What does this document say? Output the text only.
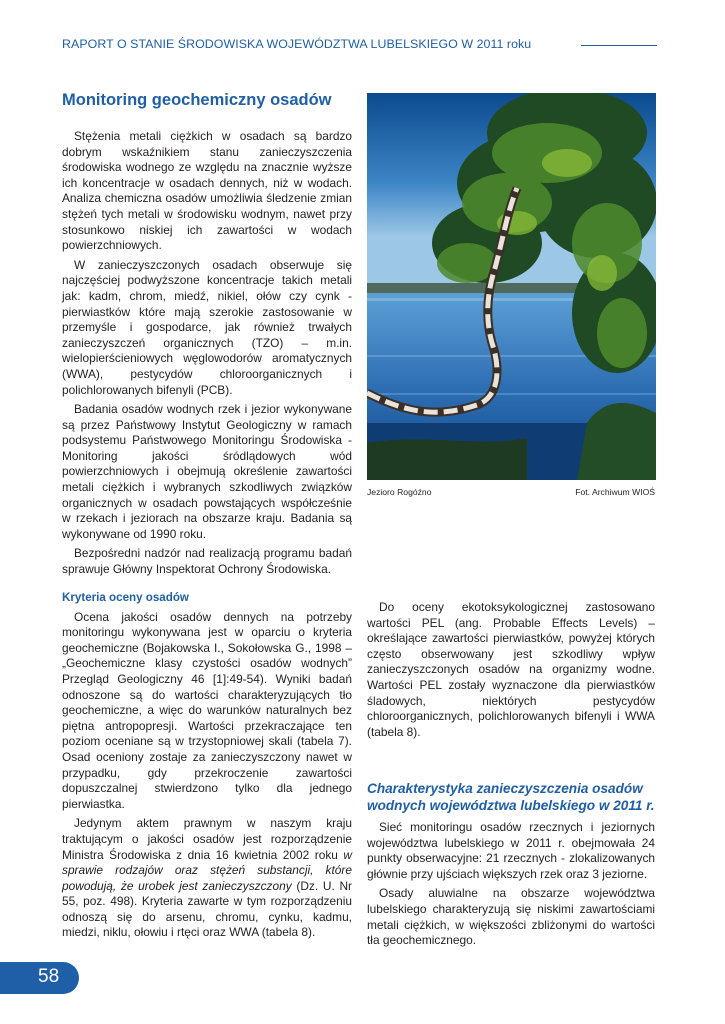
RAPORT O STANIE ŚRODOWISKA WOJEWÓDZTWA LUBELSKIEGO W 2011 roku
Monitoring geochemiczny osadów

Stężenia metali ciężkich w osadach są bardzo dobrym wskaźnikiem stanu zanieczyszczenia środowiska wodnego ze względu na znacznie wyższe ich koncentracje w osadach dennych, niż w wodach. Analiza chemiczna osadów umożliwia śledzenie zmian stężeń tych metali w środowisku wodnym, nawet przy stosunkowo niskiej ich zawartości w wodach powierzchniowych.

W zanieczyszczonych osadach obserwuje się najczęściej podwyższone koncentracje takich metali jak: kadm, chrom, miedź, nikiel, ołów czy cynk - pierwiastków które mają szerokie zastosowanie w przemyśle i gospodarce, jak również trwałych zanieczyszczeń organicznych (TZO) – m.in. wielopierścieniowych węglowodorów aromatycznych (WWA), pestycydów chloroorganicznych i polichlorowanych bifenyli (PCB).

Badania osadów wodnych rzek i jezior wykonywane są przez Państwowy Instytut Geologiczny w ramach podsystemu Państwowego Monitoringu Środowiska - Monitoring jakości śródlądowych wód powierzchniowych i obejmują określenie zawartości metali ciężkich i wybranych szkodliwych związków organicznych w osadach powstających współcześnie w rzekach i jeziorach na obszarze kraju. Badania są wykonywane od 1990 roku.

Bezpośredni nadzór nad realizacją programu badań sprawuje Główny Inspektorat Ochrony Środowiska.

Kryteria oceny osadów

Ocena jakości osadów dennych na potrzeby monitoringu wykonywana jest w oparciu o kryteria geochemiczne (Bojakowska I., Sokołowska G., 1998 – „Geochemiczne klasy czystości osadów wodnych” Przegląd Geologiczny 46 [1]:49-54). Wyniki badań odnoszone są do wartości charakteryzujących tło geochemiczne, a więc do warunków naturalnych bez piętna antropopresji. Wartości przekraczające ten poziom oceniane są w trzystopniowej skali (tabela 7). Osad oceniony zostaje za zanieczyszczony nawet w przypadku, gdy przekroczenie zawartości dopuszczalnej stwierdzono tylko dla jednego pierwiastka.

Jedynym aktem prawnym w naszym kraju traktującym o jakości osadów jest rozporządzenie Ministra Środowiska z dnia 16 kwietnia 2002 roku w sprawie rodzajów oraz stężeń substancji, które powodują, że urobek jest zanieczyszczony (Dz. U. Nr 55, poz. 498). Kryteria zawarte w tym rozporządzeniu odnoszą się do arsenu, chromu, cynku, kadmu, miedzi, niklu, ołowiu i rtęci oraz WWA (tabela 8).

Jezioro Rogóźno	Fot. Archiwum WIOŚ

Do oceny ekotoksykologicznej zastosowano wartości PEL (ang. Probable Effects Levels) – określające zawartości pierwiastków, powyżej których często obserwowany jest szkodliwy wpływ zanieczyszczonych osadów na organizmy wodne. Wartości PEL zostały wyznaczone dla pierwiastków śladowych, niektórych pestycydów chloroorganicznych, polichlorowanych bifenyli i WWA (tabela 8).

Charakterystyka zanieczyszczenia osadów wodnych województwa lubelskiego w 2011 r.

Sieć monitoringu osadów rzecznych i jeziornych województwa lubelskiego w 2011 r. obejmowała 24 punkty obserwacyjne: 21 rzecznych - zlokalizowanych głównie przy ujściach większych rzek oraz 3 jeziorne.

Osady aluwialne na obszarze województwa lubelskiego charakteryzują się niskimi zawartościami metali ciężkich, w większości zbliżonymi do wartości tła geochemicznego.

58
